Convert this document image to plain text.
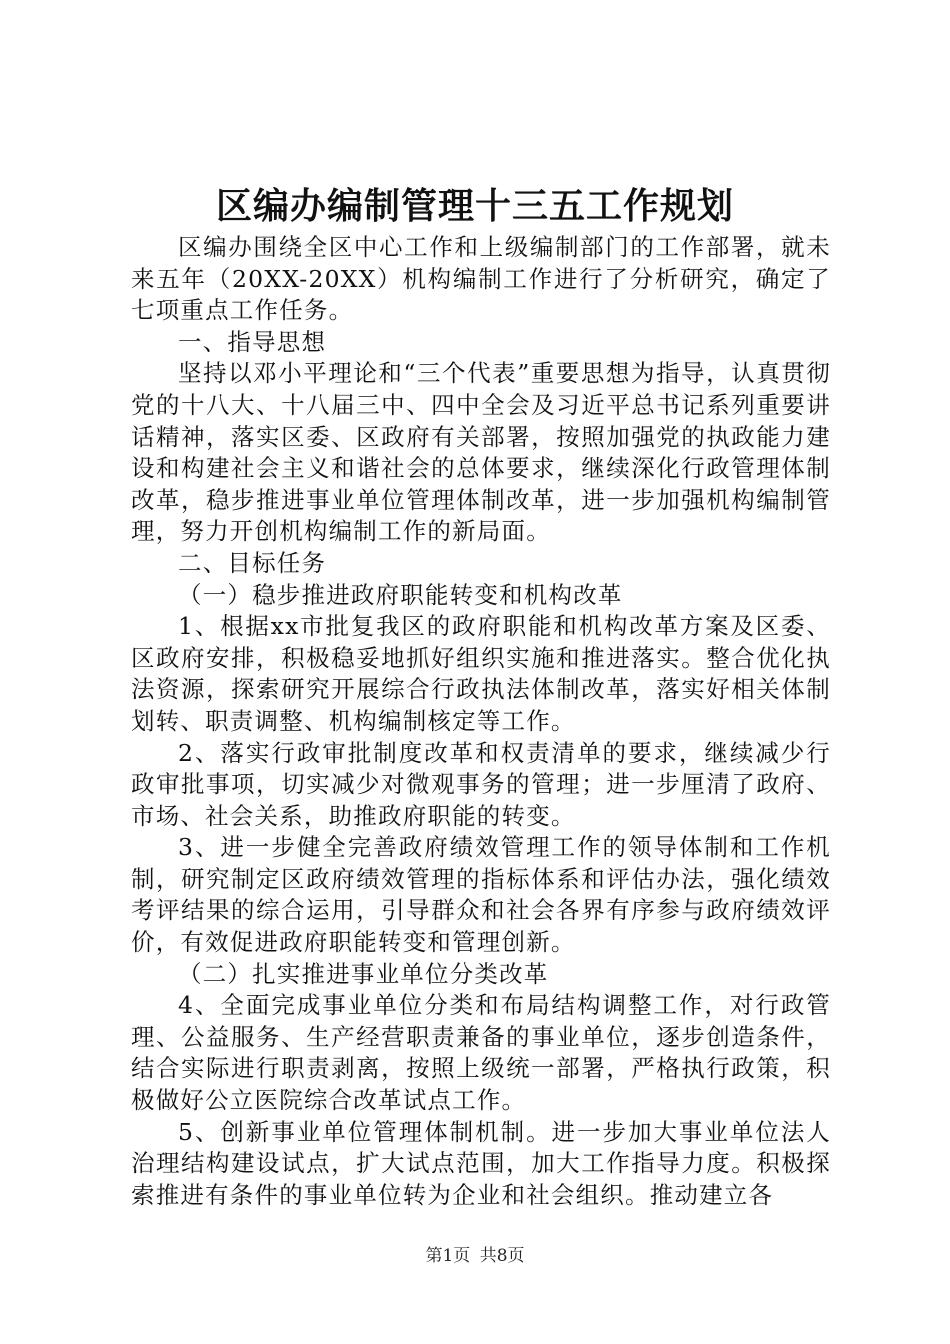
区编办编制管理十三五工作规划

区编办围绕全区中心工作和上级编制部门的工作部署，就未来五年（20XX-20XX）机构编制工作进行了分析研究，确定了七项重点工作任务。

一、指导思想

坚持以邓小平理论和“三个代表”重要思想为指导，认真贯彻党的十八大、十八届三中、四中全会及习近平总书记系列重要讲话精神，落实区委、区政府有关部署，按照加强党的执政能力建设和构建社会主义和谐社会的总体要求，继续深化行政管理体制改革，稳步推进事业单位管理体制改革，进一步加强机构编制管理，努力开创机构编制工作的新局面。

二、目标任务

（一）稳步推进政府职能转变和机构改革

1、根据xx市批复我区的政府职能和机构改革方案及区委、区政府安排，积极稳妥地抓好组织实施和推进落实。整合优化执法资源，探索研究开展综合行政执法体制改革，落实好相关体制划转、职责调整、机构编制核定等工作。

2、落实行政审批制度改革和权责清单的要求，继续减少行政审批事项，切实减少对微观事务的管理；进一步厘清了政府、市场、社会关系，助推政府职能的转变。

3、进一步健全完善政府绩效管理工作的领导体制和工作机制，研究制定区政府绩效管理的指标体系和评估办法，强化绩效考评结果的综合运用，引导群众和社会各界有序参与政府绩效评价，有效促进政府职能转变和管理创新。

（二）扎实推进事业单位分类改革

4、全面完成事业单位分类和布局结构调整工作，对行政管理、公益服务、生产经营职责兼备的事业单位，逐步创造条件，结合实际进行职责剥离，按照上级统一部署，严格执行政策，积极做好公立医院综合改革试点工作。

5、创新事业单位管理体制机制。进一步加大事业单位法人治理结构建设试点，扩大试点范围，加大工作指导力度。积极探索推进有条件的事业单位转为企业和社会组织。推动建立各

第1页 共8页
